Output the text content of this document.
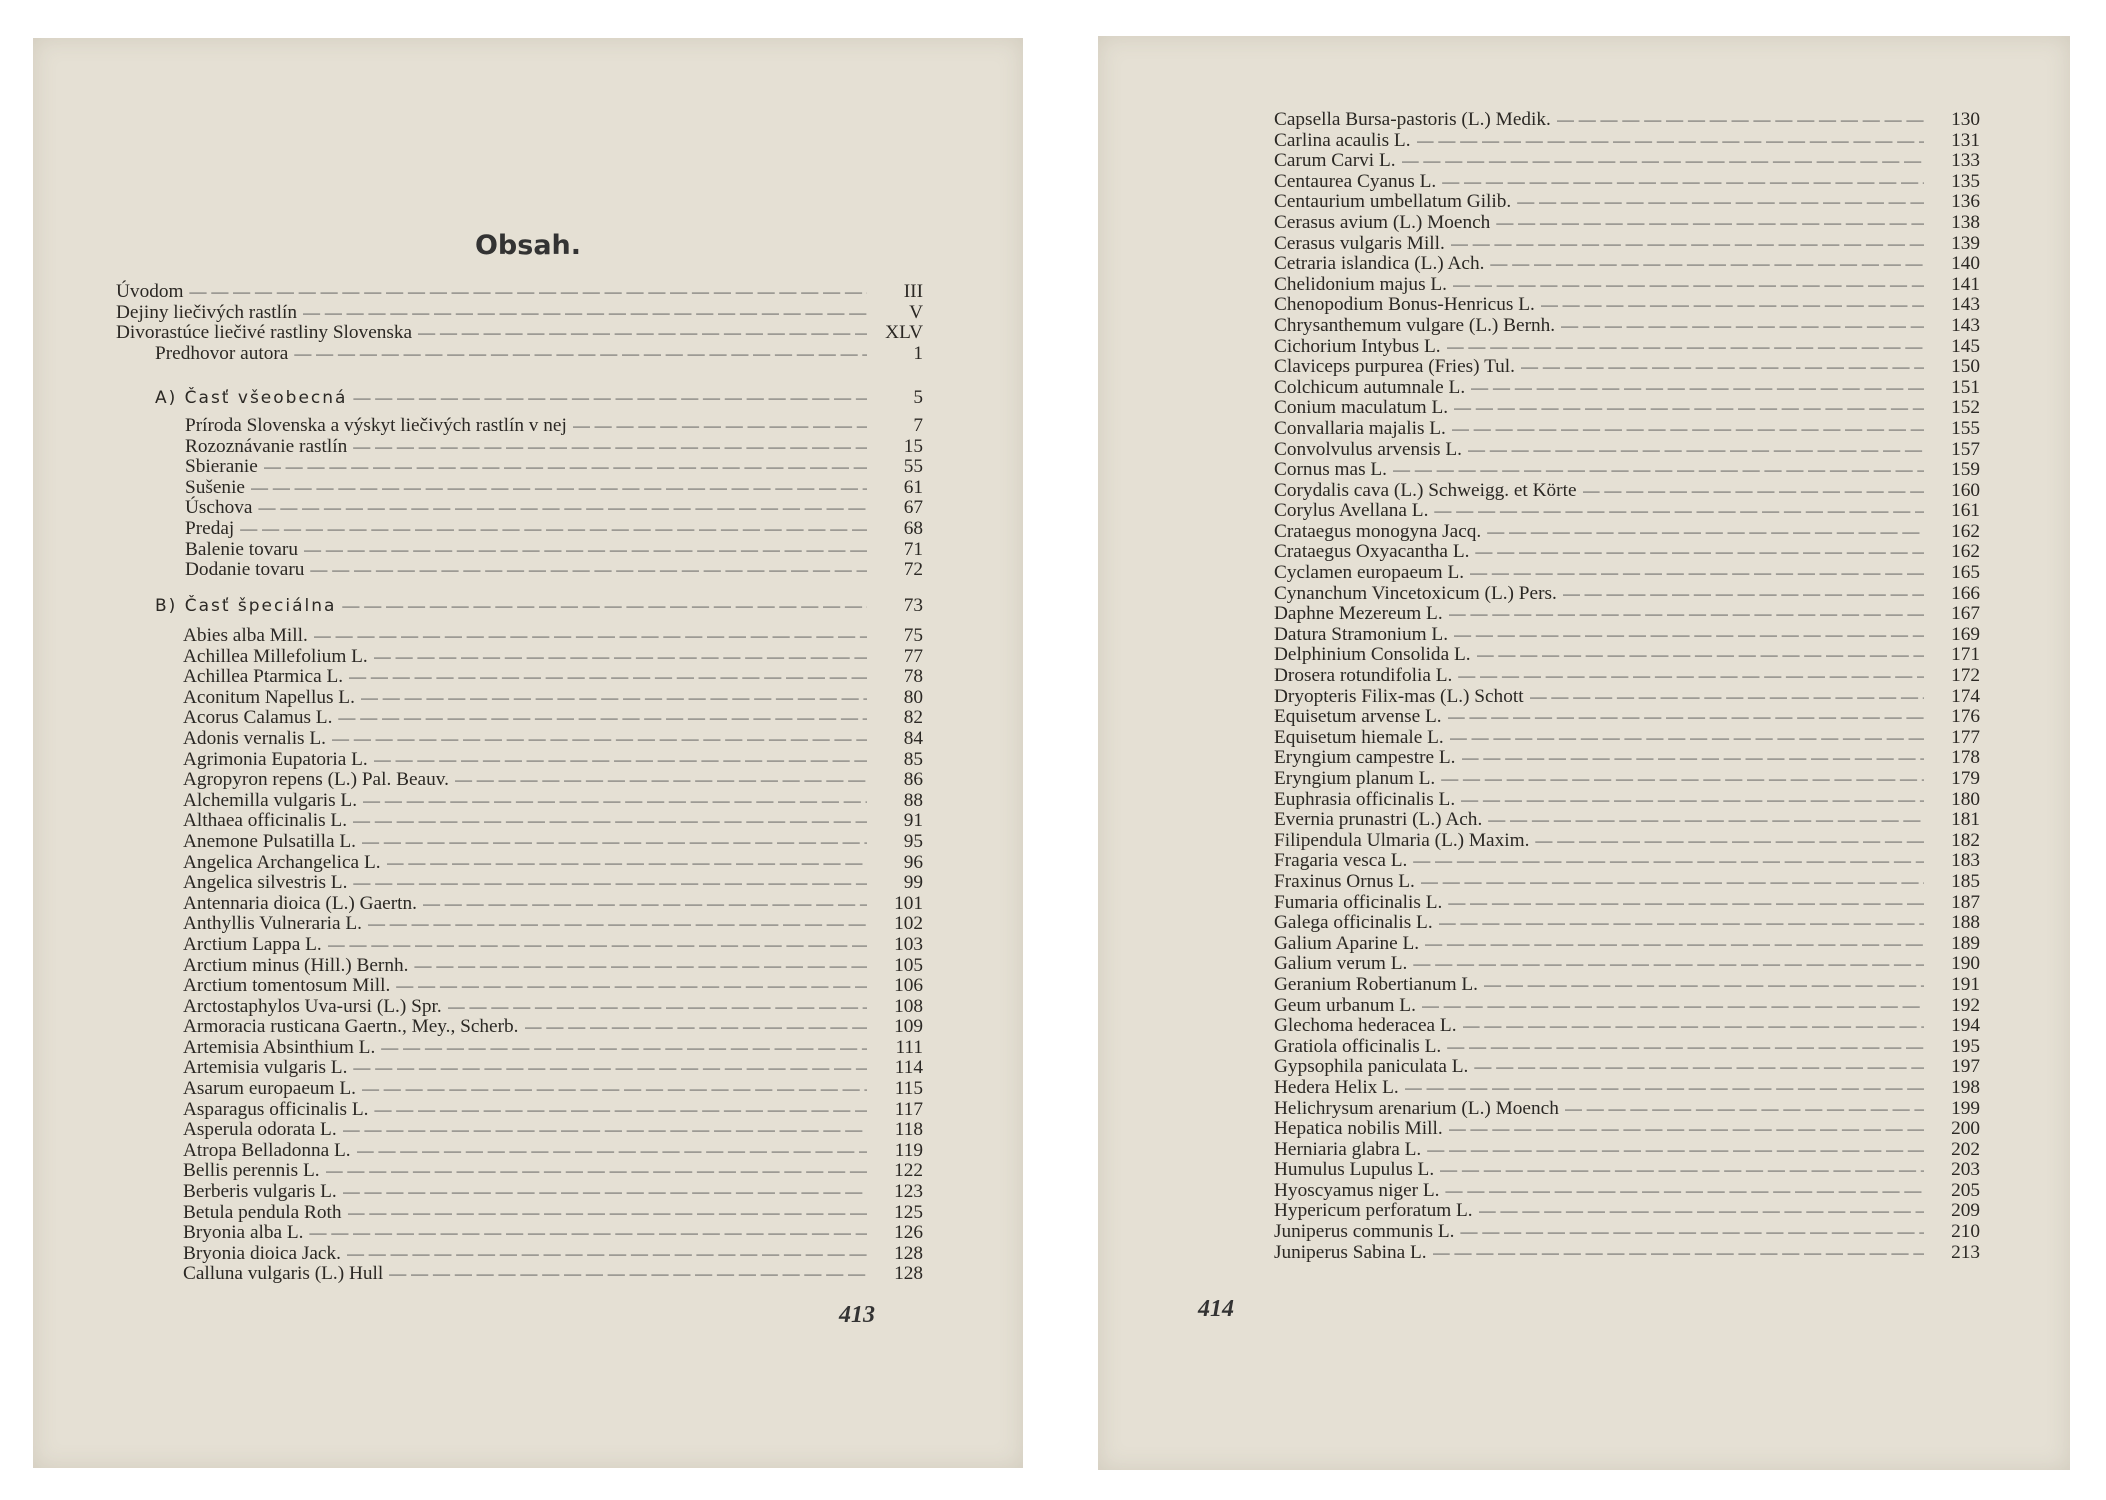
Obsah.
Úvodom — — —	III
Dejiny liečivých rastlín — — —	V
Divorastúce liečivé rastliny Slovenska — — —	XLV
Predhovor autora — — —	1
A) Časť všeobecná — — —	5
Príroda Slovenska a výskyt liečivých rastlín v nej — — —	7
Rozoznávanie rastlín — — —	15
Sbieranie — — —	55
Sušenie — — —	61
Úschova — — —	67
Predaj — — —	68
Balenie tovaru — — —	71
Dodanie tovaru — — —	72
B) Časť špeciálna — — —	73
Abies alba Mill. — — —	75
Achillea Millefolium L. — — —	77
Achillea Ptarmica L. — — —	78
Aconitum Napellus L. — — —	80
Acorus Calamus L. — — —	82
Adonis vernalis L. — — —	84
Agrimonia Eupatoria L. — — —	85
Agropyron repens (L.) Pal. Beauv. — — —	86
Alchemilla vulgaris L. — — —	88
Althaea officinalis L. — — —	91
Anemone Pulsatilla L. — — —	95
Angelica Archangelica L. — — —	96
Angelica silvestris L. — — —	99
Antennaria dioica (L.) Gaertn. — — —	101
Anthyllis Vulneraria L. — — —	102
Arctium Lappa L. — — —	103
Arctium minus (Hill.) Bernh. — — —	105
Arctium tomentosum Mill. — — —	106
Arctostaphylos Uva-ursi (L.) Spr. — — —	108
Armoracia rusticana Gaertn., Mey., Scherb. — — —	109
Artemisia Absinthium L. — — —	111
Artemisia vulgaris L. — — —	114
Asarum europaeum L. — — —	115
Asparagus officinalis L. — — —	117
Asperula odorata L. — — —	118
Atropa Belladonna L. — — —	119
Bellis perennis L. — — —	122
Berberis vulgaris L. — — —	123
Betula pendula Roth — — —	125
Bryonia alba L. — — —	126
Bryonia dioica Jack. — — —	128
Calluna vulgaris (L.) Hull — — —	128
413
Capsella Bursa-pastoris (L.) Medik. — — —	130
Carlina acaulis L. — — —	131
Carum Carvi L. — — —	133
Centaurea Cyanus L. — — —	135
Centaurium umbellatum Gilib. — — —	136
Cerasus avium (L.) Moench — — —	138
Cerasus vulgaris Mill. — — —	139
Cetraria islandica (L.) Ach. — — —	140
Chelidonium majus L. — — —	141
Chenopodium Bonus-Henricus L. — — —	143
Chrysanthemum vulgare (L.) Bernh. — — —	143
Cichorium Intybus L. — — —	145
Claviceps purpurea (Fries) Tul. — — —	150
Colchicum autumnale L. — — —	151
Conium maculatum L. — — —	152
Convallaria majalis L. — — —	155
Convolvulus arvensis L. — — —	157
Cornus mas L. — — —	159
Corydalis cava (L.) Schweigg. et Körte — — —	160
Corylus Avellana L. — — —	161
Crataegus monogyna Jacq. — — —	162
Crataegus Oxyacantha L. — — —	162
Cyclamen europaeum L. — — —	165
Cynanchum Vincetoxicum (L.) Pers. — — —	166
Daphne Mezereum L. — — —	167
Datura Stramonium L. — — —	169
Delphinium Consolida L. — — —	171
Drosera rotundifolia L. — — —	172
Dryopteris Filix-mas (L.) Schott — — —	174
Equisetum arvense L. — — —	176
Equisetum hiemale L. — — —	177
Eryngium campestre L. — — —	178
Eryngium planum L. — — —	179
Euphrasia officinalis L. — — —	180
Evernia prunastri (L.) Ach. — — —	181
Filipendula Ulmaria (L.) Maxim. — — —	182
Fragaria vesca L. — — —	183
Fraxinus Ornus L. — — —	185
Fumaria officinalis L. — — —	187
Galega officinalis L. — — —	188
Galium Aparine L. — — —	189
Galium verum L. — — —	190
Geranium Robertianum L. — — —	191
Geum urbanum L. — — —	192
Glechoma hederacea L. — — —	194
Gratiola officinalis L. — — —	195
Gypsophila paniculata L. — — —	197
Hedera Helix L. — — —	198
Helichrysum arenarium (L.) Moench — — —	199
Hepatica nobilis Mill. — — —	200
Herniaria glabra L. — — —	202
Humulus Lupulus L. — — —	203
Hyoscyamus niger L. — — —	205
Hypericum perforatum L. — — —	209
Juniperus communis L. — — —	210
Juniperus Sabina L. — — —	213
414
